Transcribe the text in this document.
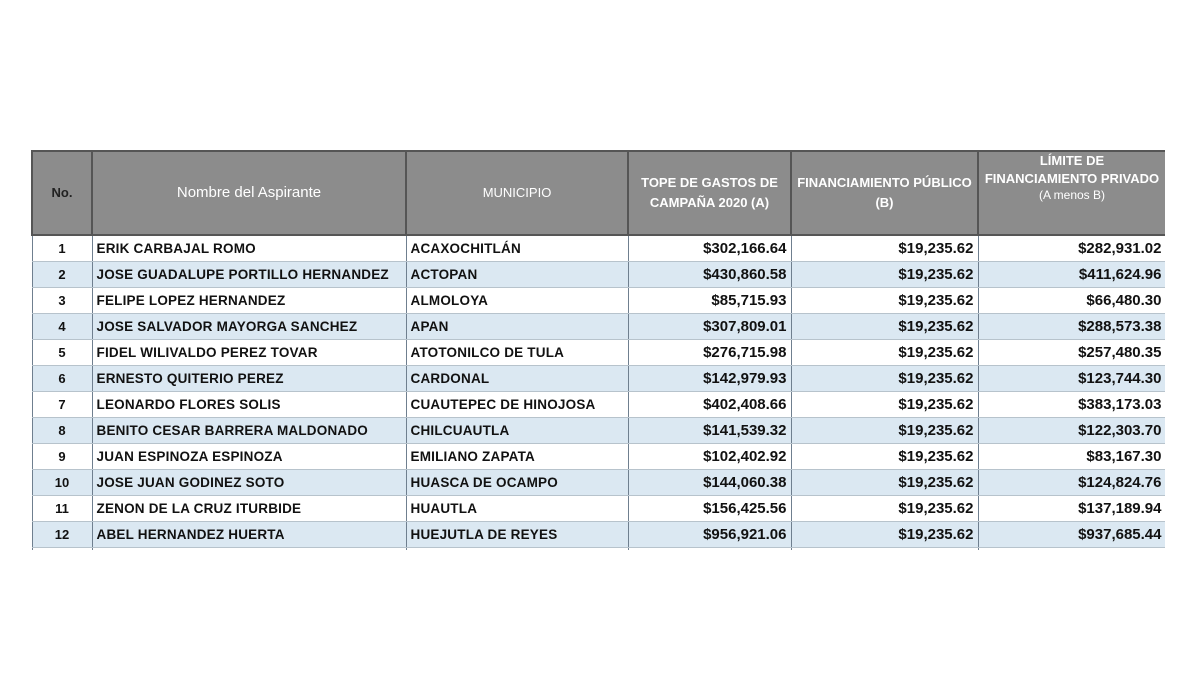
No.	Nombre del Aspirante	MUNICIPIO	TOPE DE GASTOS DE CAMPAÑA 2020 (A)	FINANCIAMIENTO PÚBLICO (B)	LÍMITE DE FINANCIAMIENTO PRIVADO
(A menos B)

1	ERIK CARBAJAL ROMO	ACAXOCHITLÁN	$302,166.64	$19,235.62	$282,931.02
2	JOSE GUADALUPE PORTILLO HERNANDEZ	ACTOPAN	$430,860.58	$19,235.62	$411,624.96
3	FELIPE LOPEZ HERNANDEZ	ALMOLOYA	$85,715.93	$19,235.62	$66,480.30
4	JOSE SALVADOR MAYORGA SANCHEZ	APAN	$307,809.01	$19,235.62	$288,573.38
5	FIDEL WILIVALDO PEREZ TOVAR	ATOTONILCO DE TULA	$276,715.98	$19,235.62	$257,480.35
6	ERNESTO QUITERIO PEREZ	CARDONAL	$142,979.93	$19,235.62	$123,744.30
7	LEONARDO FLORES SOLIS	CUAUTEPEC DE HINOJOSA	$402,408.66	$19,235.62	$383,173.03
8	BENITO CESAR BARRERA MALDONADO	CHILCUAUTLA	$141,539.32	$19,235.62	$122,303.70
9	JUAN ESPINOZA ESPINOZA	EMILIANO ZAPATA	$102,402.92	$19,235.62	$83,167.30
10	JOSE JUAN GODINEZ SOTO	HUASCA DE OCAMPO	$144,060.38	$19,235.62	$124,824.76
11	ZENON DE LA CRUZ ITURBIDE	HUAUTLA	$156,425.56	$19,235.62	$137,189.94
12	ABEL HERNANDEZ HUERTA	HUEJUTLA DE REYES	$956,921.06	$19,235.62	$937,685.44
